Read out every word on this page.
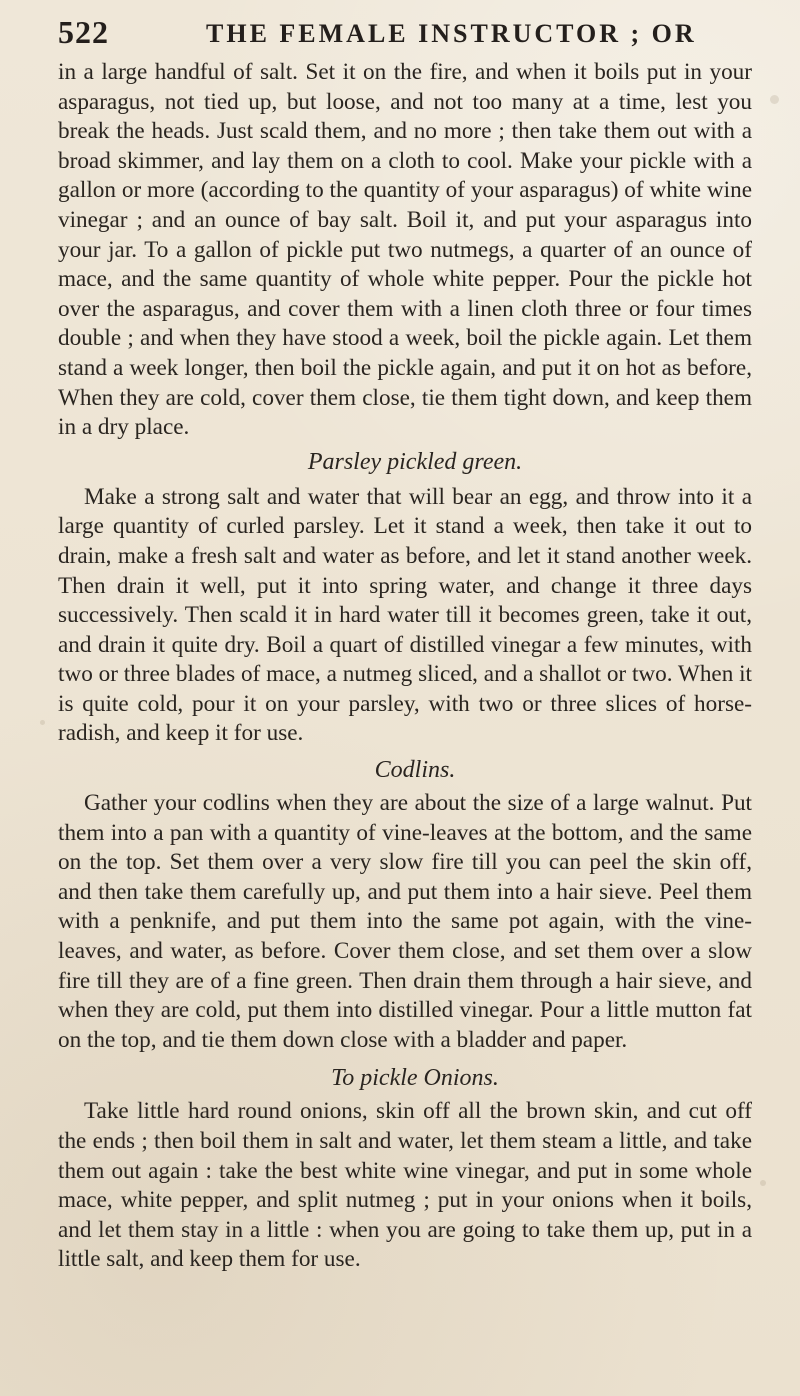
522	THE FEMALE INSTRUCTOR ; OR

in a large handful of salt. Set it on the fire, and when it boils put in your asparagus, not tied up, but loose, and not too many at a time, lest you break the heads. Just scald them, and no more ; then take them out with a broad skimmer, and lay them on a cloth to cool. Make your pickle with a gallon or more (according to the quantity of your asparagus) of white wine vinegar ; and an ounce of bay salt. Boil it, and put your asparagus into your jar. To a gallon of pickle put two nutmegs, a quarter of an ounce of mace, and the same quantity of whole white pepper. Pour the pickle hot over the asparagus, and cover them with a linen cloth three or four times double ; and when they have stood a week, boil the pickle again. Let them stand a week longer, then boil the pickle again, and put it on hot as before, When they are cold, cover them close, tie them tight down, and keep them in a dry place.

Parsley pickled green.

Make a strong salt and water that will bear an egg, and throw into it a large quantity of curled parsley. Let it stand a week, then take it out to drain, make a fresh salt and water as before, and let it stand another week. Then drain it well, put it into spring water, and change it three days successively. Then scald it in hard water till it becomes green, take it out, and drain it quite dry. Boil a quart of distilled vinegar a few minutes, with two or three blades of mace, a nutmeg sliced, and a shallot or two. When it is quite cold, pour it on your parsley, with two or three slices of horse-radish, and keep it for use.

Codlins.

Gather your codlins when they are about the size of a large walnut. Put them into a pan with a quantity of vine-leaves at the bottom, and the same on the top. Set them over a very slow fire till you can peel the skin off, and then take them carefully up, and put them into a hair sieve. Peel them with a penknife, and put them into the same pot again, with the vine-leaves, and water, as before. Cover them close, and set them over a slow fire till they are of a fine green. Then drain them through a hair sieve, and when they are cold, put them into distilled vinegar. Pour a little mutton fat on the top, and tie them down close with a bladder and paper.

To pickle Onions.

Take little hard round onions, skin off all the brown skin, and cut off the ends ; then boil them in salt and water, let them steam a little, and take them out again : take the best white wine vinegar, and put in some whole mace, white pepper, and split nutmeg ; put in your onions when it boils, and let them stay in a little : when you are going to take them up, put in a little salt, and keep them for use.
